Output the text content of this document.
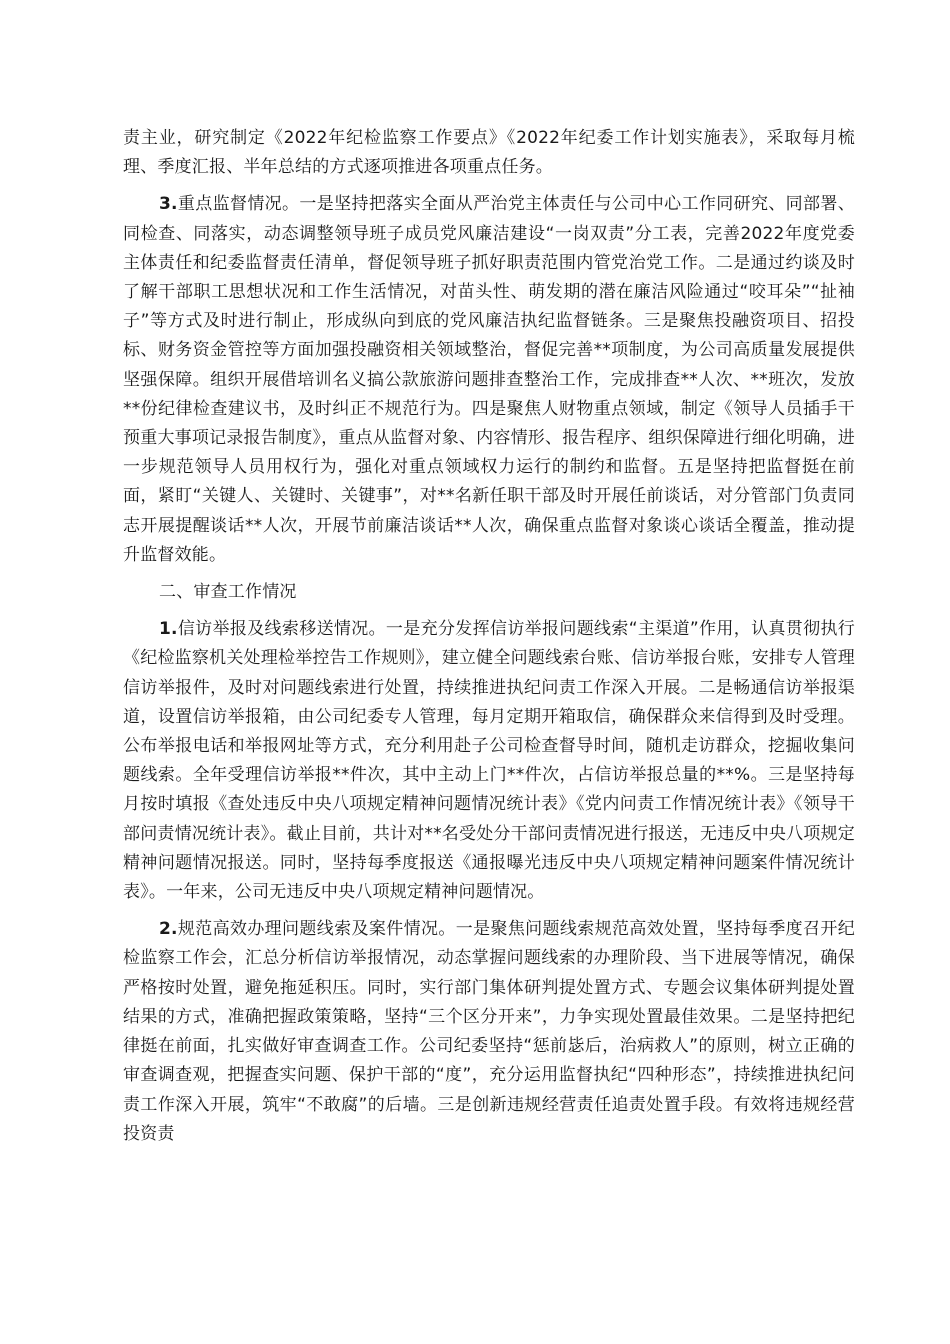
责主业，研究制定《2022年纪检监察工作要点》《2022年纪委工作计划实施表》，采取每月梳理、季度汇报、半年总结的方式逐项推进各项重点任务。

3.重点监督情况。一是坚持把落实全面从严治党主体责任与公司中心工作同研究、同部署、同检查、同落实，动态调整领导班子成员党风廉洁建设“一岗双责”分工表，完善2022年度党委主体责任和纪委监督责任清单，督促领导班子抓好职责范围内管党治党工作。二是通过约谈及时了解干部职工思想状况和工作生活情况，对苗头性、萌发期的潜在廉洁风险通过“咬耳朵”“扯袖子”等方式及时进行制止，形成纵向到底的党风廉洁执纪监督链条。三是聚焦投融资项目、招投标、财务资金管控等方面加强投融资相关领域整治，督促完善**项制度，为公司高质量发展提供坚强保障。组织开展借培训名义搞公款旅游问题排查整治工作，完成排查**人次、**班次，发放**份纪律检查建议书，及时纠正不规范行为。四是聚焦人财物重点领域，制定《领导人员插手干预重大事项记录报告制度》，重点从监督对象、内容情形、报告程序、组织保障进行细化明确，进一步规范领导人员用权行为，强化对重点领域权力运行的制约和监督。五是坚持把监督挺在前面，紧盯“关键人、关键时、关键事”，对**名新任职干部及时开展任前谈话，对分管部门负责同志开展提醒谈话**人次，开展节前廉洁谈话**人次，确保重点监督对象谈心谈话全覆盖，推动提升监督效能。

二、审查工作情况

1.信访举报及线索移送情况。一是充分发挥信访举报问题线索“主渠道”作用，认真贯彻执行《纪检监察机关处理检举控告工作规则》，建立健全问题线索台账、信访举报台账，安排专人管理信访举报件，及时对问题线索进行处置，持续推进执纪问责工作深入开展。二是畅通信访举报渠道，设置信访举报箱，由公司纪委专人管理，每月定期开箱取信，确保群众来信得到及时受理。公布举报电话和举报网址等方式，充分利用赴子公司检查督导时间，随机走访群众，挖掘收集问题线索。全年受理信访举报**件次，其中主动上门**件次，占信访举报总量的**%。三是坚持每月按时填报《查处违反中央八项规定精神问题情况统计表》《党内问责工作情况统计表》《领导干部问责情况统计表》。截止目前，共计对**名受处分干部问责情况进行报送，无违反中央八项规定精神问题情况报送。同时，坚持每季度报送《通报曝光违反中央八项规定精神问题案件情况统计表》。一年来，公司无违反中央八项规定精神问题情况。

2.规范高效办理问题线索及案件情况。一是聚焦问题线索规范高效处置，坚持每季度召开纪检监察工作会，汇总分析信访举报情况，动态掌握问题线索的办理阶段、当下进展等情况，确保严格按时处置，避免拖延积压。同时，实行部门集体研判提处置方式、专题会议集体研判提处置结果的方式，准确把握政策策略，坚持“三个区分开来”，力争实现处置最佳效果。二是坚持把纪律挺在前面，扎实做好审查调查工作。公司纪委坚持“惩前毖后，治病救人”的原则，树立正确的审查调查观，把握查实问题、保护干部的“度”，充分运用监督执纪“四种形态”，持续推进执纪问责工作深入开展，筑牢“不敢腐”的后墙。三是创新违规经营责任追责处置手段。有效将违规经营投资责
